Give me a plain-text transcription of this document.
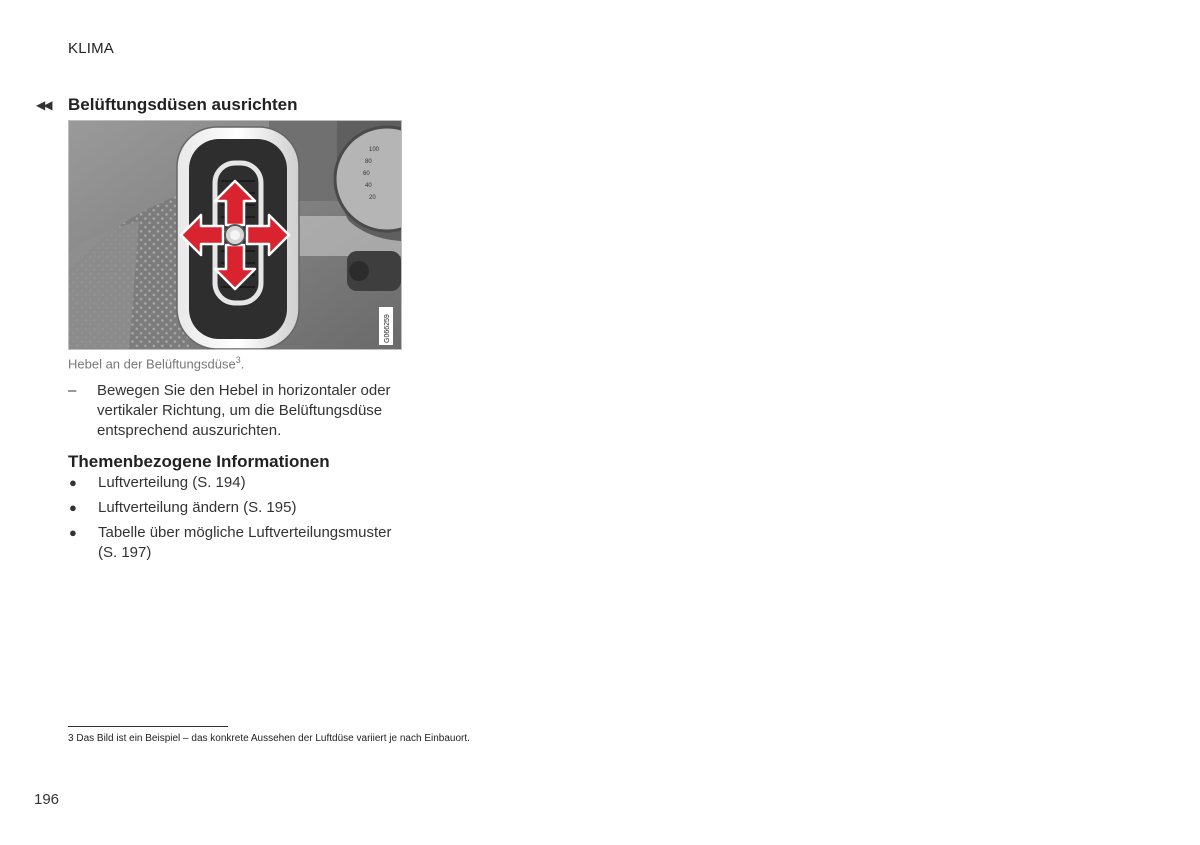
KLIMA
◀◀	Belüftungsdüsen ausrichten
100
80
60
40
20
G066259
Hebel an der Belüftungsdüse$^3$.
–	Bewegen Sie den Hebel in horizontaler oder vertikaler Richtung, um die Belüftungsdüse entsprechend auszurichten.
Themenbezogene Informationen
●	Luftverteilung (S. 194)
●	Luftverteilung ändern (S. 195)
●	Tabelle über mögliche Luftverteilungsmuster (S. 197)
3 Das Bild ist ein Beispiel – das konkrete Aussehen der Luftdüse variiert je nach Einbauort.
196
